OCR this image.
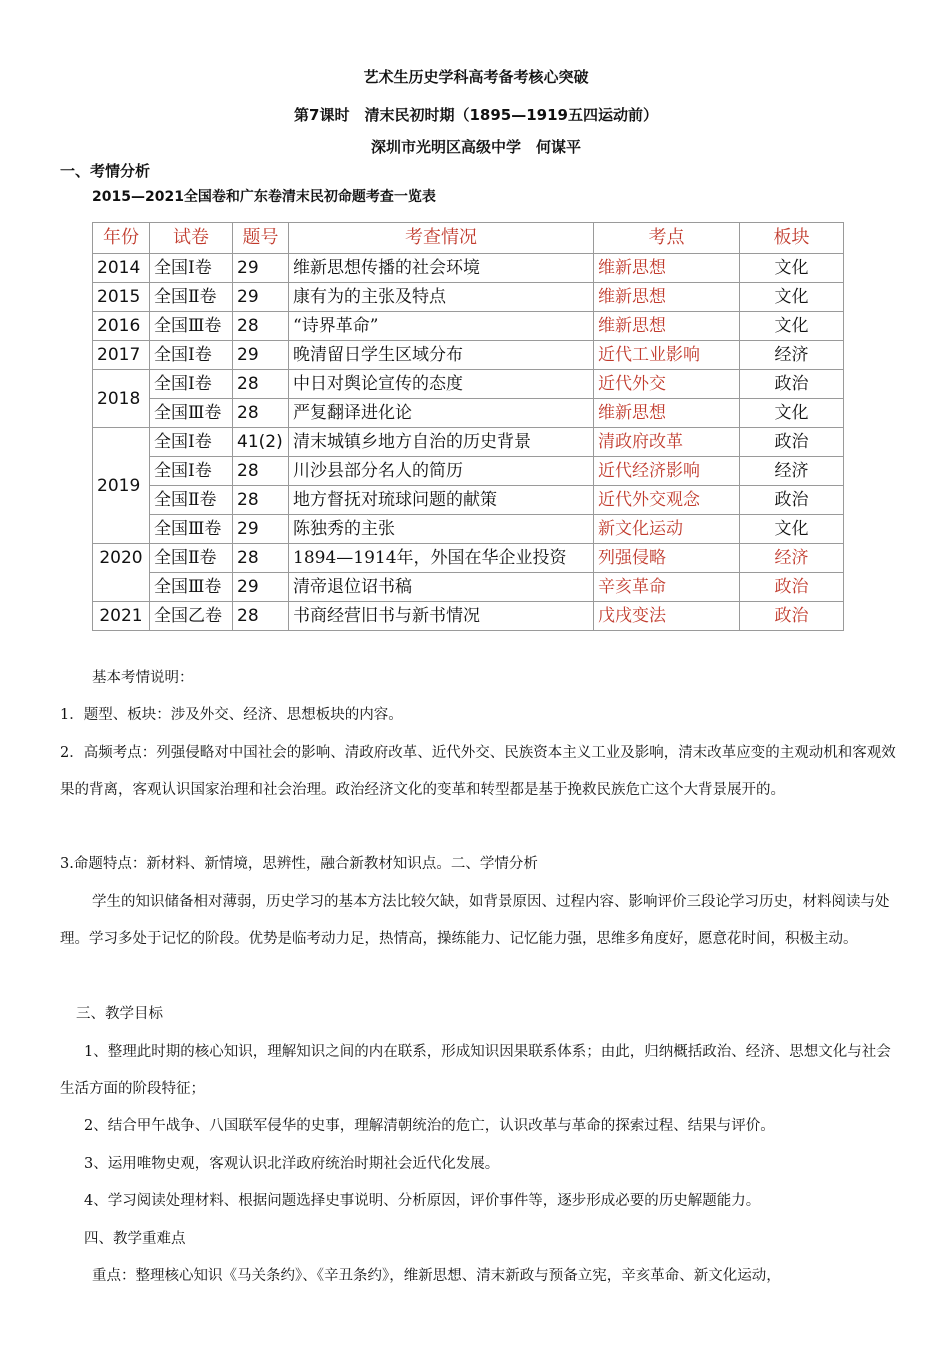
艺术生历史学科高考备考核心突破
第7课时　清末民初时期（1895—1919五四运动前）
深圳市光明区高级中学　何谋平
一、考情分析
2015—2021全国卷和广东卷清末民初命题考查一览表
年份	试卷	题号	考查情况	考点	板块
2014	全国Ⅰ卷	29	维新思想传播的社会环境	维新思想	文化
2015	全国Ⅱ卷	29	康有为的主张及特点	维新思想	文化
2016	全国Ⅲ卷	28	“诗界革命”	维新思想	文化
2017	全国Ⅰ卷	29	晚清留日学生区域分布	近代工业影响	经济
2018	全国Ⅰ卷	28	中日对舆论宣传的态度	近代外交	政治
	全国Ⅲ卷	28	严复翻译进化论	维新思想	文化
2019	全国Ⅰ卷	41(2)	清末城镇乡地方自治的历史背景	清政府改革	政治
	全国Ⅰ卷	28	川沙县部分名人的简历	近代经济影响	经济
	全国Ⅱ卷	28	地方督抚对琉球问题的献策	近代外交观念	政治
	全国Ⅲ卷	29	陈独秀的主张	新文化运动	文化
2020	全国Ⅱ卷	28	1894—1914年，外国在华企业投资	列强侵略	经济
	全国Ⅲ卷	29	清帝退位诏书稿	辛亥革命	政治
2021	全国乙卷	28	书商经营旧书与新书情况	戊戌变法	政治
基本考情说明：
1．题型、板块：涉及外交、经济、思想板块的内容。
2．高频考点：列强侵略对中国社会的影响、清政府改革、近代外交、民族资本主义工业及影响，清末改革应变的主观动机和客观效果的背离，客观认识国家治理和社会治理。政治经济文化的变革和转型都是基于挽救民族危亡这个大背景展开的。
3.命题特点：新材料、新情境，思辨性，融合新教材知识点。二、学情分析
学生的知识储备相对薄弱，历史学习的基本方法比较欠缺，如背景原因、过程内容、影响评价三段论学习历史，材料阅读与处理。学习多处于记忆的阶段。优势是临考动力足，热情高，操练能力、记忆能力强，思维多角度好，愿意花时间，积极主动。
三、教学目标
1、整理此时期的核心知识，理解知识之间的内在联系，形成知识因果联系体系；由此，归纳概括政治、经济、思想文化与社会生活方面的阶段特征；
2、结合甲午战争、八国联军侵华的史事，理解清朝统治的危亡，认识改革与革命的探索过程、结果与评价。
3、运用唯物史观，客观认识北洋政府统治时期社会近代化发展。
4、学习阅读处理材料、根据问题选择史事说明、分析原因，评价事件等，逐步形成必要的历史解题能力。
四、教学重难点
重点：整理核心知识《马关条约》、《辛丑条约》，维新思想、清末新政与预备立宪，辛亥革命、新文化运动，
